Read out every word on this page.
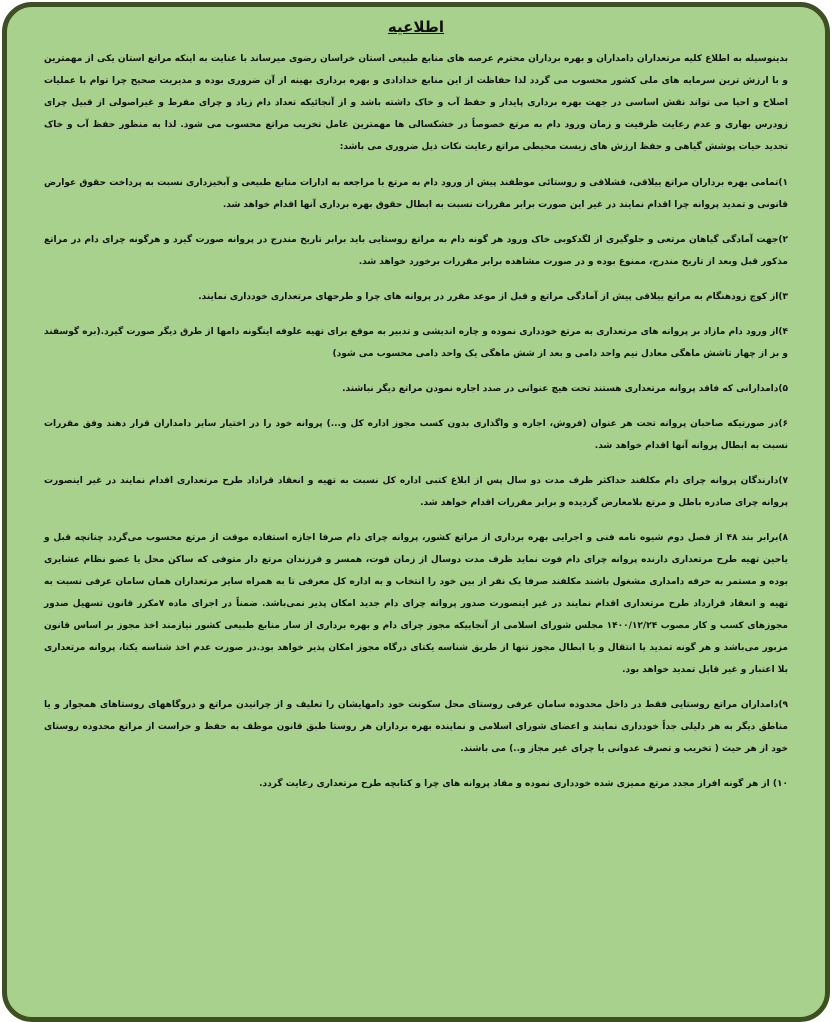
اطلاعیه
بدینوسیله به اطلاع کلیه مرتعداران دامداران و بهره برداران محترم عرصه های منابع طبیعی استان خراسان رضوی میرساند با عنایت به اینکه مراتع استان یکی از مهمترین و با ارزش ترین سرمایه های ملی کشور محسوب می گردد لذا حفاظت از این منابع خدادادی و بهره برداری بهینه از آن ضروری بوده و مدیریت صحیح چرا توام با عملیات اصلاح و احیا می تواند نقش اساسی در جهت بهره برداری پایدار و حفظ آب و خاک داشته باشد و از آنجائیکه تعداد دام زیاد و چرای مفرط و غیراصولی از قبیل چرای زودرس بهاری و عدم رعایت ظرفیت و زمان ورود دام به مرتع خصوصاً در خشکسالی ها مهمترین عامل تخریب مراتع محسوب می شود. لذا به منظور حفظ آب و خاک تجدید حیات پوشش گیاهی و حفظ ارزش های زیست محیطی مراتع رعایت نکات ذیل ضروری می باشد:
۱)تمامی بهره برداران مراتع ییلاقی، قشلاقی و روستائی موظفند پیش از ورود دام به مرتع با مراجعه به ادارات منابع طبیعی و آبخیزداری نسبت به پرداخت حقوق عوارض قانونی و تمدید پروانه چرا اقدام نمایند در غیر این صورت برابر مقررات نسبت به ابطال حقوق بهره برداری آنها اقدام خواهد شد.
۲)جهت آمادگی گیاهان مرتعی و جلوگیری از لگدکوبی خاک ورود هر گونه دام به مراتع روستایی باید برابر تاریخ مندرج در پروانه صورت گیرد و هرگونه چرای دام در مراتع مذکور قبل وبعد از تاریخ مندرج، ممنوع بوده و در صورت مشاهده برابر مقررات برخورد خواهد شد.
۳)از کوچ زودهنگام به مراتع ییلاقی پیش از آمادگی مراتع و قبل از موعد مقرر در پروانه های چرا و طرحهای مرتعداری خودداری نمایند.
۴)از ورود دام مازاد بر پروانه های مرتعداری به مرتع خودداری نموده و چاره اندیشی و تدبیر به موقع برای تهیه علوفه اینگونه دامها از طرق دیگر صورت گیرد.(بره گوسفند و بز از چهار تاشش ماهگی معادل نیم واحد دامی و بعد از شش ماهگی یک واحد دامی محسوب می شود)
۵)دامدارانی که فاقد پروانه مرتعداری هستند تحت هیچ عنوانی در صدد اجاره نمودن مراتع دیگر نباشند.
۶)در صورتیکه صاحبان پروانه تحت هر عنوان (فروش، اجاره و واگذاری بدون کسب مجوز اداره کل و...) پروانه خود را در اختیار سایر دامداران قرار دهند وفق مقررات نسبت به ابطال پروانه آنها اقدام خواهد شد.
۷)دارندگان پروانه چرای دام مکلفند حداکثر ظرف مدت دو سال پس از ابلاغ کتبی اداره کل نسبت به تهیه و انعقاد قراداد طرح مرتعداری اقدام نمایند در غیر اینصورت پروانه چرای صادره باطل و مرتع بلامعارض گردیده و برابر مقررات اقدام خواهد شد.
۸)برابر بند ۴۸ از فصل دوم شیوه نامه فنی و اجرایی بهره برداری از مراتع کشور، پروانه چرای دام صرفا اجازه استفاده موقت از مرتع محسوب می‌گردد چنانچه قبل و یاحین تهیه طرح مرتعداری دارنده پروانه چرای دام فوت نماید ظرف مدت دوسال از زمان فوت، همسر و فرزندان مرتع دار متوفی که ساکن محل یا عضو نظام عشایری بوده و مستمر به حرفه دامداری مشغول باشند مکلفند صرفا یک نفر از بین خود را انتخاب و به اداره کل معرفی تا به همراه سایر مرتعداران همان سامان عرفی نسبت به تهیه و انعقاد قرارداد طرح مرتعداری اقدام نمایند در غیر اینصورت صدور پروانه چرای دام جدید امکان پذیر نمی‌باشد. ضمناً در اجرای ماده ۷مکرر قانون تسهیل صدور مجوزهای کسب و کار مصوب ۱۴۰۰/۱۲/۲۴ مجلس شورای اسلامی از آنجاییکه مجوز چرای دام و بهره برداری از سار منابع طبیعی کشور نیازمند اخذ مجوز بر اساس قانون مزبور می‌باشد و هر گونه تمدید یا انتقال و یا ابطال مجوز تنها از طریق شناسه یکتای درگاه مجوز امکان پذیر خواهد بود.در صورت عدم اخذ شناسه یکتا، پروانه مرتعداری بلا اعتبار و غیر قابل تمدید خواهد بود.
۹)دامداران مراتع روستایی فقط در داخل محدوده سامان عرفی روستای محل سکونت خود دامهایشان را تعلیف و از چرانیدن مراتع و دروگاههای روستاهای همجوار و یا مناطق دیگر به هر دلیلی جداً خودداری نمایند و اعضای شورای اسلامی و نماینده بهره برداران هر روستا طبق قانون موظف به حفظ و حراست از مراتع محدوده روستای خود از هر حیث ( تخریب و تصرف عدوانی یا چرای غیر مجاز و..) می باشند.
۱۰) از هر گونه افراز مجدد مرتع ممیزی شده خودداری نموده و مفاد پروانه های چرا و کتابچه طرح مرتعداری رعایت گردد.
